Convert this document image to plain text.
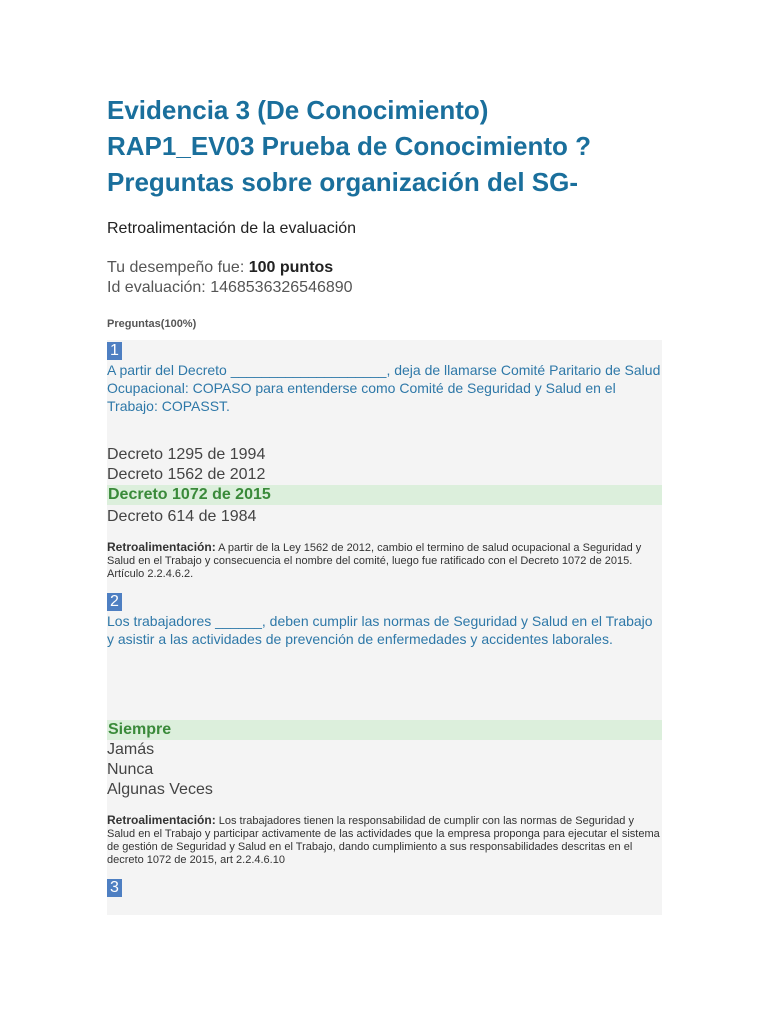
Evidencia 3 (De Conocimiento)
RAP1_EV03 Prueba de Conocimiento ?
Preguntas sobre organización del SG-
Retroalimentación de la evaluación
Tu desempeño fue: 100 puntos
Id evaluación: 1468536326546890
Preguntas(100%)
1
A partir del Decreto ____________________, deja de llamarse Comité Paritario de Salud Ocupacional: COPASO para entenderse como Comité de Seguridad y Salud en el Trabajo: COPASST.
Decreto 1295 de 1994
Decreto 1562 de 2012
Decreto 1072 de 2015
Decreto 614 de 1984
Retroalimentación: A partir de la Ley 1562 de 2012, cambio el termino de salud ocupacional a Seguridad y Salud en el Trabajo y consecuencia el nombre del comité, luego fue ratificado con el Decreto 1072 de 2015. Artículo 2.2.4.6.2.
2
Los trabajadores ______, deben cumplir las normas de Seguridad y Salud en el Trabajo y asistir a las actividades de prevención de enfermedades y accidentes laborales.
Siempre
Jamás
Nunca
Algunas Veces
Retroalimentación: Los trabajadores tienen la responsabilidad de cumplir con las normas de Seguridad y Salud en el Trabajo y participar activamente de las actividades que la empresa proponga para ejecutar el sistema de gestión de Seguridad y Salud en el Trabajo, dando cumplimiento a sus responsabilidades descritas en el decreto 1072 de 2015, art 2.2.4.6.10
3
